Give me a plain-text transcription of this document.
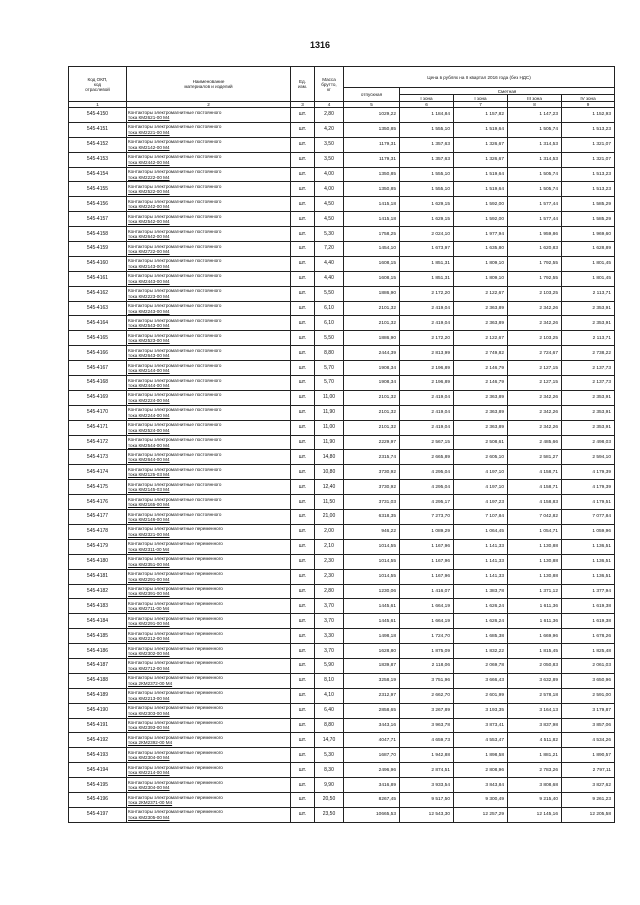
1316
Код ОКП,
код
отраслевой	Наименование
материалов и изделий	Ед.
изм.	Масса
брутто,
кг	Цена в рублях на II квартал 2016 года (без НДС)				
				отпускная	Сметная			
					I зона	I зона	III зона	IV зона
1	2	3	4	5	6	7	8	9
545-4150	Контакторы электромагнитные постоянного
тока КМ2621-00 М4	шт.	2,80	1029,22	1 184,84	1 157,82	1 147,23	1 152,93
545-4151	Контакторы электромагнитные постоянного
тока КМ2221-00 М4	шт.	4,20	1350,85	1 555,10	1 519,64	1 505,74	1 513,23
545-4152	Контакторы электромагнитные постоянного
тока КМ2142-00 М4	шт.	3,50	1179,31	1 357,63	1 326,67	1 314,53	1 321,07
545-4153	Контакторы электромагнитные постоянного
тока КМ2442-00 М4	шт.	3,50	1179,31	1 357,63	1 326,67	1 314,53	1 321,07
545-4154	Контакторы электромагнитные постоянного
тока КМ2222-00 М4	шт.	4,00	1350,85	1 555,10	1 519,64	1 505,74	1 513,23
545-4155	Контакторы электромагнитные постоянного
тока КМ2522-00 М4	шт.	4,00	1350,85	1 555,10	1 519,64	1 505,74	1 513,23
545-4156	Контакторы электромагнитные постоянного
тока КМ2242-00 М4	шт.	4,50	1415,18	1 629,15	1 592,00	1 577,44	1 585,29
545-4157	Контакторы электромагнитные постоянного
тока КМ2542-00 М4	шт.	4,50	1415,18	1 629,15	1 592,00	1 577,44	1 585,29
545-4158	Контакторы электромагнитные постоянного
тока КМ2642-00 М4	шт.	5,30	1758,25	2 024,10	1 977,94	1 959,86	1 969,60
545-4159	Контакторы электромагнитные постоянного
тока КМ2722-00 М4	шт.	7,20	1454,10	1 673,97	1 635,80	1 620,83	1 628,89
545-4160	Контакторы электромагнитные постоянного
тока КМ2143-00 М4	шт.	4,40	1608,15	1 851,31	1 809,10	1 792,55	1 801,45
545-4161	Контакторы электромагнитные постоянного
тока КМ2443-00 М4	шт.	4,40	1608,15	1 851,31	1 809,10	1 792,55	1 801,45
545-4162	Контакторы электромагнитные постоянного
тока КМ2223-00 М4	шт.	5,50	1886,90	2 172,20	2 122,67	2 103,25	2 113,71
545-4163	Контакторы электромагнитные постоянного
тока КМ2243-00 М4	шт.	6,10	2101,32	2 419,04	2 363,89	2 342,26	2 353,91
545-4164	Контакторы электромагнитные постоянного
тока КМ2543-00 М4	шт.	6,10	2101,32	2 419,04	2 363,89	2 342,26	2 353,91
545-4165	Контакторы электромагнитные постоянного
тока КМ2523-00 М4	шт.	5,50	1886,90	2 172,20	2 122,67	2 103,25	2 113,71
545-4166	Контакторы электромагнитные постоянного
тока КМ2643-00 М4	шт.	8,80	2444,39	2 813,99	2 749,82	2 724,67	2 738,22
545-4167	Контакторы электромагнитные постоянного
тока КМ2144-00 М4	шт.	5,70	1908,34	2 196,89	2 146,79	2 127,15	2 137,73
545-4168	Контакторы электромагнитные постоянного
тока КМ2444-00 М4	шт.	5,70	1908,34	2 196,89	2 146,79	2 127,15	2 137,73
545-4169	Контакторы электромагнитные постоянного
тока КМ2224-00 М4	шт.	11,00	2101,32	2 419,04	2 363,89	2 342,26	2 353,91
545-4170	Контакторы электромагнитные постоянного
тока КМ2244-00 М4	шт.	11,90	2101,32	2 419,04	2 363,89	2 342,26	2 353,91
545-4171	Контакторы электромагнитные постоянного
тока КМ2524-00 М4	шт.	11,00	2101,32	2 419,04	2 363,89	2 342,26	2 353,91
545-4172	Контакторы электромагнитные постоянного
тока КМ2544-00 М4	шт.	11,90	2229,97	2 567,15	2 508,61	2 485,66	2 498,03
545-4173	Контакторы электромагнитные постоянного
тока КМ2644-00 М4	шт.	14,80	2315,74	2 665,89	2 605,10	2 581,27	2 594,10
545-4174	Контакторы электромагнитные постоянного
тока КМ2125-03 М4	шт.	10,80	3730,92	4 295,04	4 197,10	4 158,71	4 179,39
545-4175	Контакторы электромагнитные постоянного
тока КМ2145-03 М4	шт.	12,40	3730,92	4 295,04	4 197,10	4 158,71	4 179,39
545-4176	Контакторы электромагнитные постоянного
тока КМ2165-00 М4	шт.	11,50	3731,03	4 295,17	4 197,23	4 158,83	4 179,51
545-4177	Контакторы электромагнитные постоянного
тока КМ2146-00 М4	шт.	21,00	6318,35	7 273,70	7 107,84	7 042,82	7 077,84
545-4178	Контакторы электромагнитные переменного
тока КМ2321-00 М4	шт.	2,00	946,22	1 089,29	1 064,45	1 054,71	1 059,96
545-4179	Контакторы электромагнитные переменного
тока КМ2311-00 М4	шт.	2,10	1014,55	1 167,96	1 141,33	1 130,88	1 136,51
545-4180	Контакторы электромагнитные переменного
тока КМ2351-00 М4	шт.	2,30	1014,55	1 167,96	1 141,33	1 130,88	1 136,51
545-4181	Контакторы электромагнитные переменного
тока КМ2291-00 М4	шт.	2,30	1014,55	1 167,96	1 141,33	1 130,88	1 136,51
545-4182	Контакторы электромагнитные переменного
тока КМ2391-00 М4	шт.	2,80	1230,06	1 416,07	1 383,78	1 371,12	1 377,94
545-4183	Контакторы электромагнитные переменного
тока КМ2711-00 М4	шт.	3,70	1445,61	1 664,19	1 626,24	1 611,36	1 619,38
545-4184	Контакторы электромагнитные переменного
тока КМ2291-00 М4	шт.	3,70	1445,61	1 664,19	1 626,24	1 611,36	1 619,38
545-4185	Контакторы электромагнитные переменного
тока КМ2212-00 М4	шт.	3,30	1498,18	1 724,70	1 685,38	1 669,96	1 678,26
545-4186	Контакторы электромагнитные переменного
тока КМ2302-00 М4	шт.	3,70	1628,80	1 875,09	1 832,22	1 815,45	1 825,48
545-4187	Контакторы электромагнитные переменного
тока КМ2712-00 М4	шт.	5,90	1839,87	2 118,06	2 069,78	2 050,83	2 061,03
545-4188	Контакторы электромагнитные переменного
тока 2КМ2372-00 М4	шт.	8,10	3258,19	3 751,96	3 666,43	3 632,89	3 650,96
545-4189	Контакторы электромагнитные переменного
тока КМ2213-00 М4	шт.	4,10	2312,97	2 662,70	2 601,99	2 578,18	2 591,00
545-4190	Контакторы электромагнитные переменного
тока КМ2303-00 М4	шт.	6,40	2858,65	3 267,89	3 193,35	3 164,13	3 179,87
545-4191	Контакторы электромагнитные переменного
тока КМ2393-00 М4	шт.	8,80	3443,16	3 963,78	3 873,41	3 837,98	3 857,06
545-4192	Контакторы электромагнитные переменного
тока 2КМ2392-00 М4	шт.	14,70	4047,71	4 659,73	4 553,47	4 511,82	4 534,26
545-4193	Контакторы электромагнитные переменного
тока КМ2304-00 М4	шт.	5,30	1687,70	1 942,88	1 898,58	1 881,21	1 890,57
545-4194	Контакторы электромагнитные переменного
тока КМ2214-00 М4	шт.	8,30	2496,96	2 874,51	2 808,96	2 783,26	2 797,11
545-4195	Контакторы электромагнитные переменного
тока КМ2304-00 М4	шт.	9,90	3416,89	3 933,54	3 843,84	3 808,68	3 827,62
545-4196	Контакторы электромагнитные переменного
тока 2КМ2371-00 М4	шт.	20,50	8267,45	9 517,50	9 300,49	9 215,40	9 261,23
545-4197	Контакторы электромагнитные переменного
тока КМ2305-00 М4	шт.	23,50	10665,53	12 543,30	12 257,29	12 145,16	12 205,58
